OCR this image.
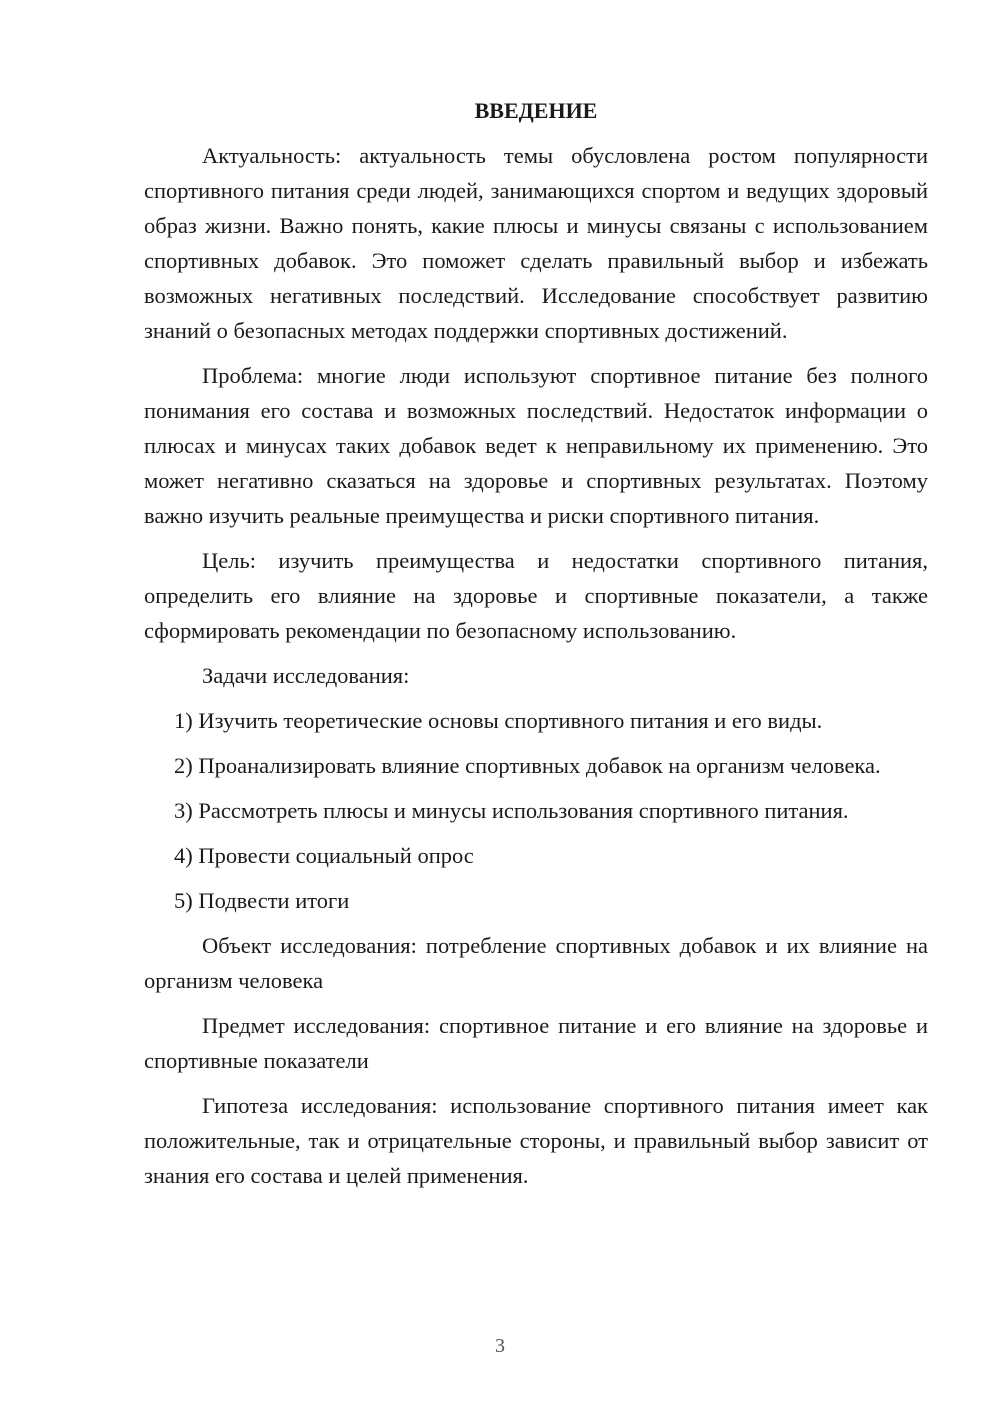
ВВЕДЕНИЕ

Актуальность: актуальность темы обусловлена ростом популярности спортивного питания среди людей, занимающихся спортом и ведущих здоровый образ жизни. Важно понять, какие плюсы и минусы связаны с использованием спортивных добавок. Это поможет сделать правильный выбор и избежать возможных негативных последствий. Исследование способствует развитию знаний о безопасных методах поддержки спортивных достижений.

Проблема: многие люди используют спортивное питание без полного понимания его состава и возможных последствий. Недостаток информации о плюсах и минусах таких добавок ведет к неправильному их применению. Это может негативно сказаться на здоровье и спортивных результатах. Поэтому важно изучить реальные преимущества и риски спортивного питания.

Цель: изучить преимущества и недостатки спортивного питания, определить его влияние на здоровье и спортивные показатели, а также сформировать рекомендации по безопасному использованию.

Задачи исследования:

1) Изучить теоретические основы спортивного питания и его виды.

2) Проанализировать влияние спортивных добавок на организм человека.

3) Рассмотреть плюсы и минусы использования спортивного питания.

4) Провести социальный опрос

5) Подвести итоги

Объект исследования: потребление спортивных добавок и их влияние на организм человека

Предмет исследования: спортивное питание и его влияние на здоровье и спортивные показатели

Гипотеза исследования: использование спортивного питания имеет как положительные, так и отрицательные стороны, и правильный выбор зависит от знания его состава и целей применения.

3
